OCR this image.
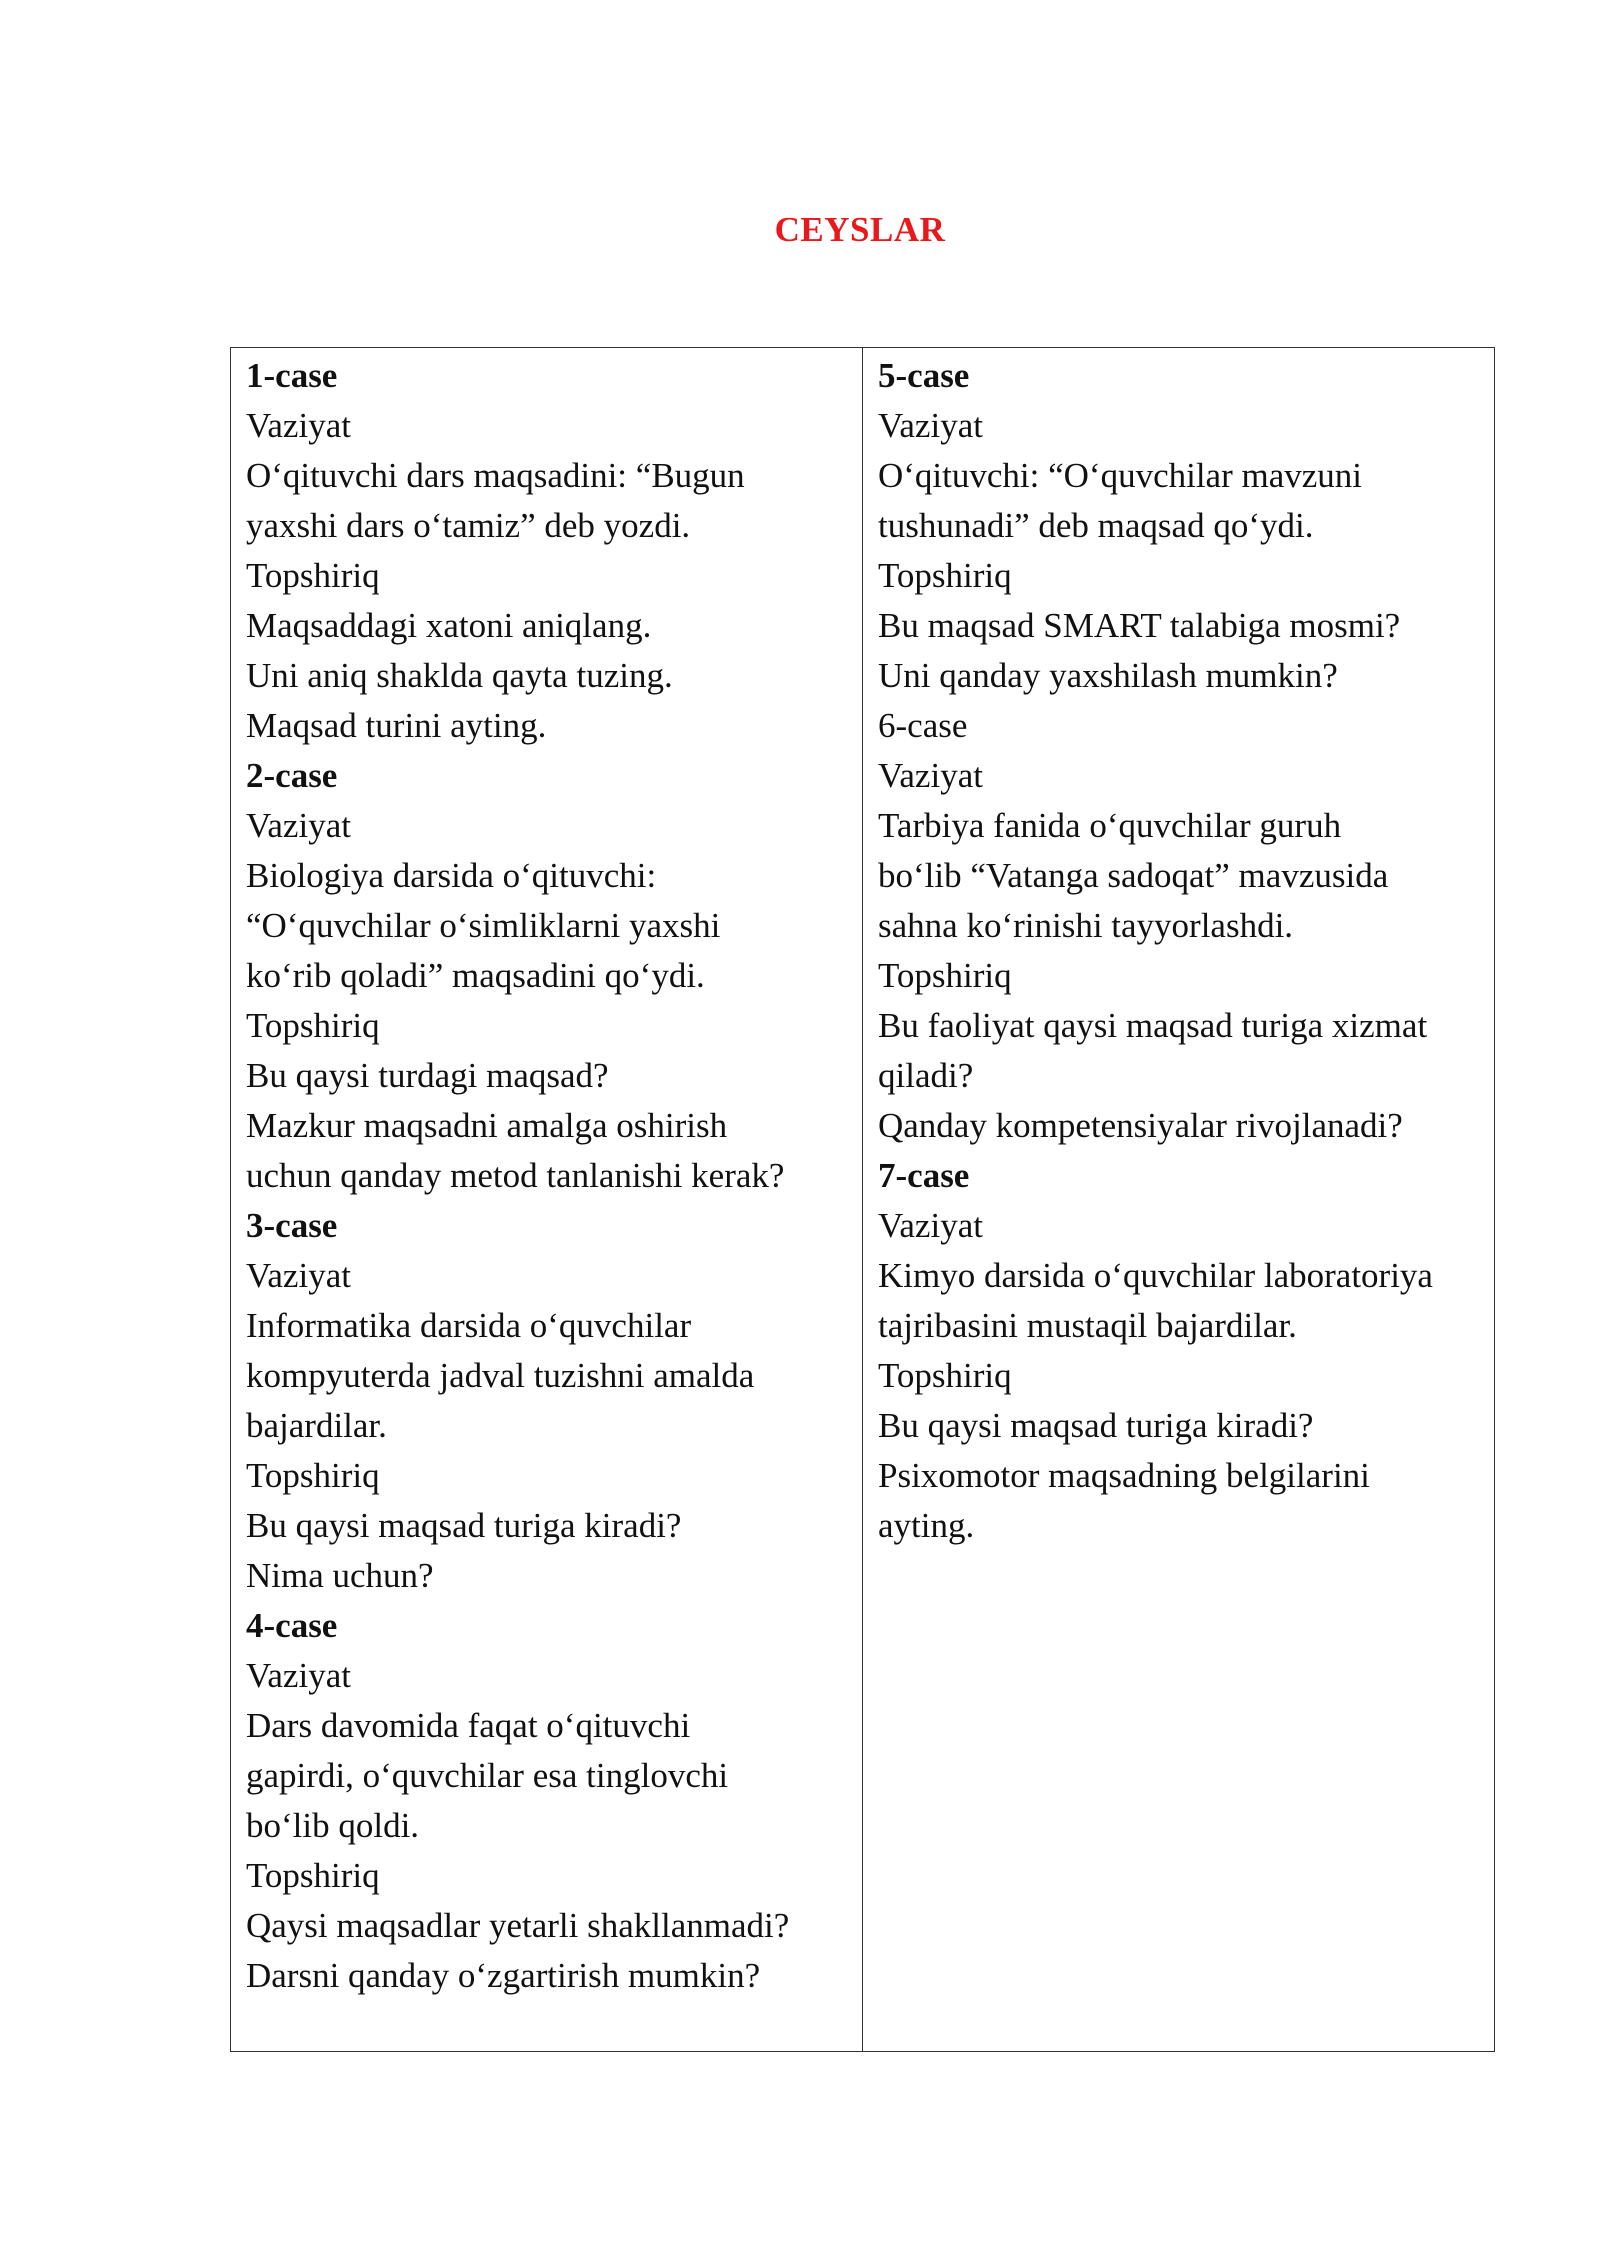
CEYSLAR
1-case
Vaziyat
O‘qituvchi dars maqsadini: “Bugun
yaxshi dars o‘tamiz” deb yozdi.
Topshiriq
Maqsaddagi xatoni aniqlang.
Uni aniq shaklda qayta tuzing.
Maqsad turini ayting.
2-case
Vaziyat
Biologiya darsida o‘qituvchi:
“O‘quvchilar o‘simliklarni yaxshi
ko‘rib qoladi” maqsadini qo‘ydi.
Topshiriq
Bu qaysi turdagi maqsad?
Mazkur maqsadni amalga oshirish
uchun qanday metod tanlanishi kerak?
3-case
Vaziyat
Informatika darsida o‘quvchilar
kompyuterda jadval tuzishni amalda
bajardilar.
Topshiriq
Bu qaysi maqsad turiga kiradi?
Nima uchun?
4-case
Vaziyat
Dars davomida faqat o‘qituvchi
gapirdi, o‘quvchilar esa tinglovchi
bo‘lib qoldi.
Topshiriq
Qaysi maqsadlar yetarli shakllanmadi?
Darsni qanday o‘zgartirish mumkin?
5-case
Vaziyat
O‘qituvchi: “O‘quvchilar mavzuni
tushunadi” deb maqsad qo‘ydi.
Topshiriq
Bu maqsad SMART talabiga mosmi?
Uni qanday yaxshilash mumkin?
6-case
Vaziyat
Tarbiya fanida o‘quvchilar guruh
bo‘lib “Vatanga sadoqat” mavzusida
sahna ko‘rinishi tayyorlashdi.
Topshiriq
Bu faoliyat qaysi maqsad turiga xizmat
qiladi?
Qanday kompetensiyalar rivojlanadi?
7-case
Vaziyat
Kimyo darsida o‘quvchilar laboratoriya
tajribasini mustaqil bajardilar.
Topshiriq
Bu qaysi maqsad turiga kiradi?
Psixomotor maqsadning belgilarini
ayting.
